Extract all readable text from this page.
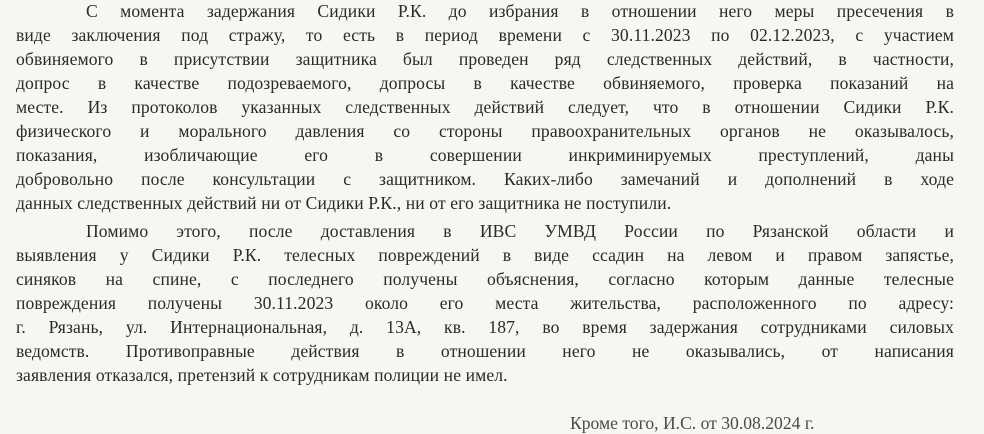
С момента задержания Сидики Р.К. до избрания в отношении него меры пресечения в
виде заключения под стражу, то есть в период времени с 30.11.2023 по 02.12.2023, с участием
обвиняемого в присутствии защитника был проведен ряд следственных действий, в частности,
допрос в качестве подозреваемого, допросы в качестве обвиняемого, проверка показаний на
месте. Из протоколов указанных следственных действий следует, что в отношении Сидики Р.К.
физического и морального давления со стороны правоохранительных органов не оказывалось,
показания, изобличающие его в совершении инкриминируемых преступлений, даны
добровольно после консультации с защитником. Каких-либо замечаний и дополнений в ходе
данных следственных действий ни от Сидики Р.К., ни от его защитника не поступили.
Помимо этого, после доставления в ИВС УМВД России по Рязанской области и
выявления у Сидики Р.К. телесных повреждений в виде ссадин на левом и правом запястье,
синяков на спине, с последнего получены объяснения, согласно которым данные телесные
повреждения получены 30.11.2023 около его места жительства, расположенного по адресу:
г. Рязань, ул. Интернациональная, д. 13А, кв. 187, во время задержания сотрудниками силовых
ведомств. Противоправные действия в отношении него не оказывались, от написания
заявления отказался, претензий к сотрудникам полиции не имел.
Кроме того, И.С. от 30.08.2024 г.
